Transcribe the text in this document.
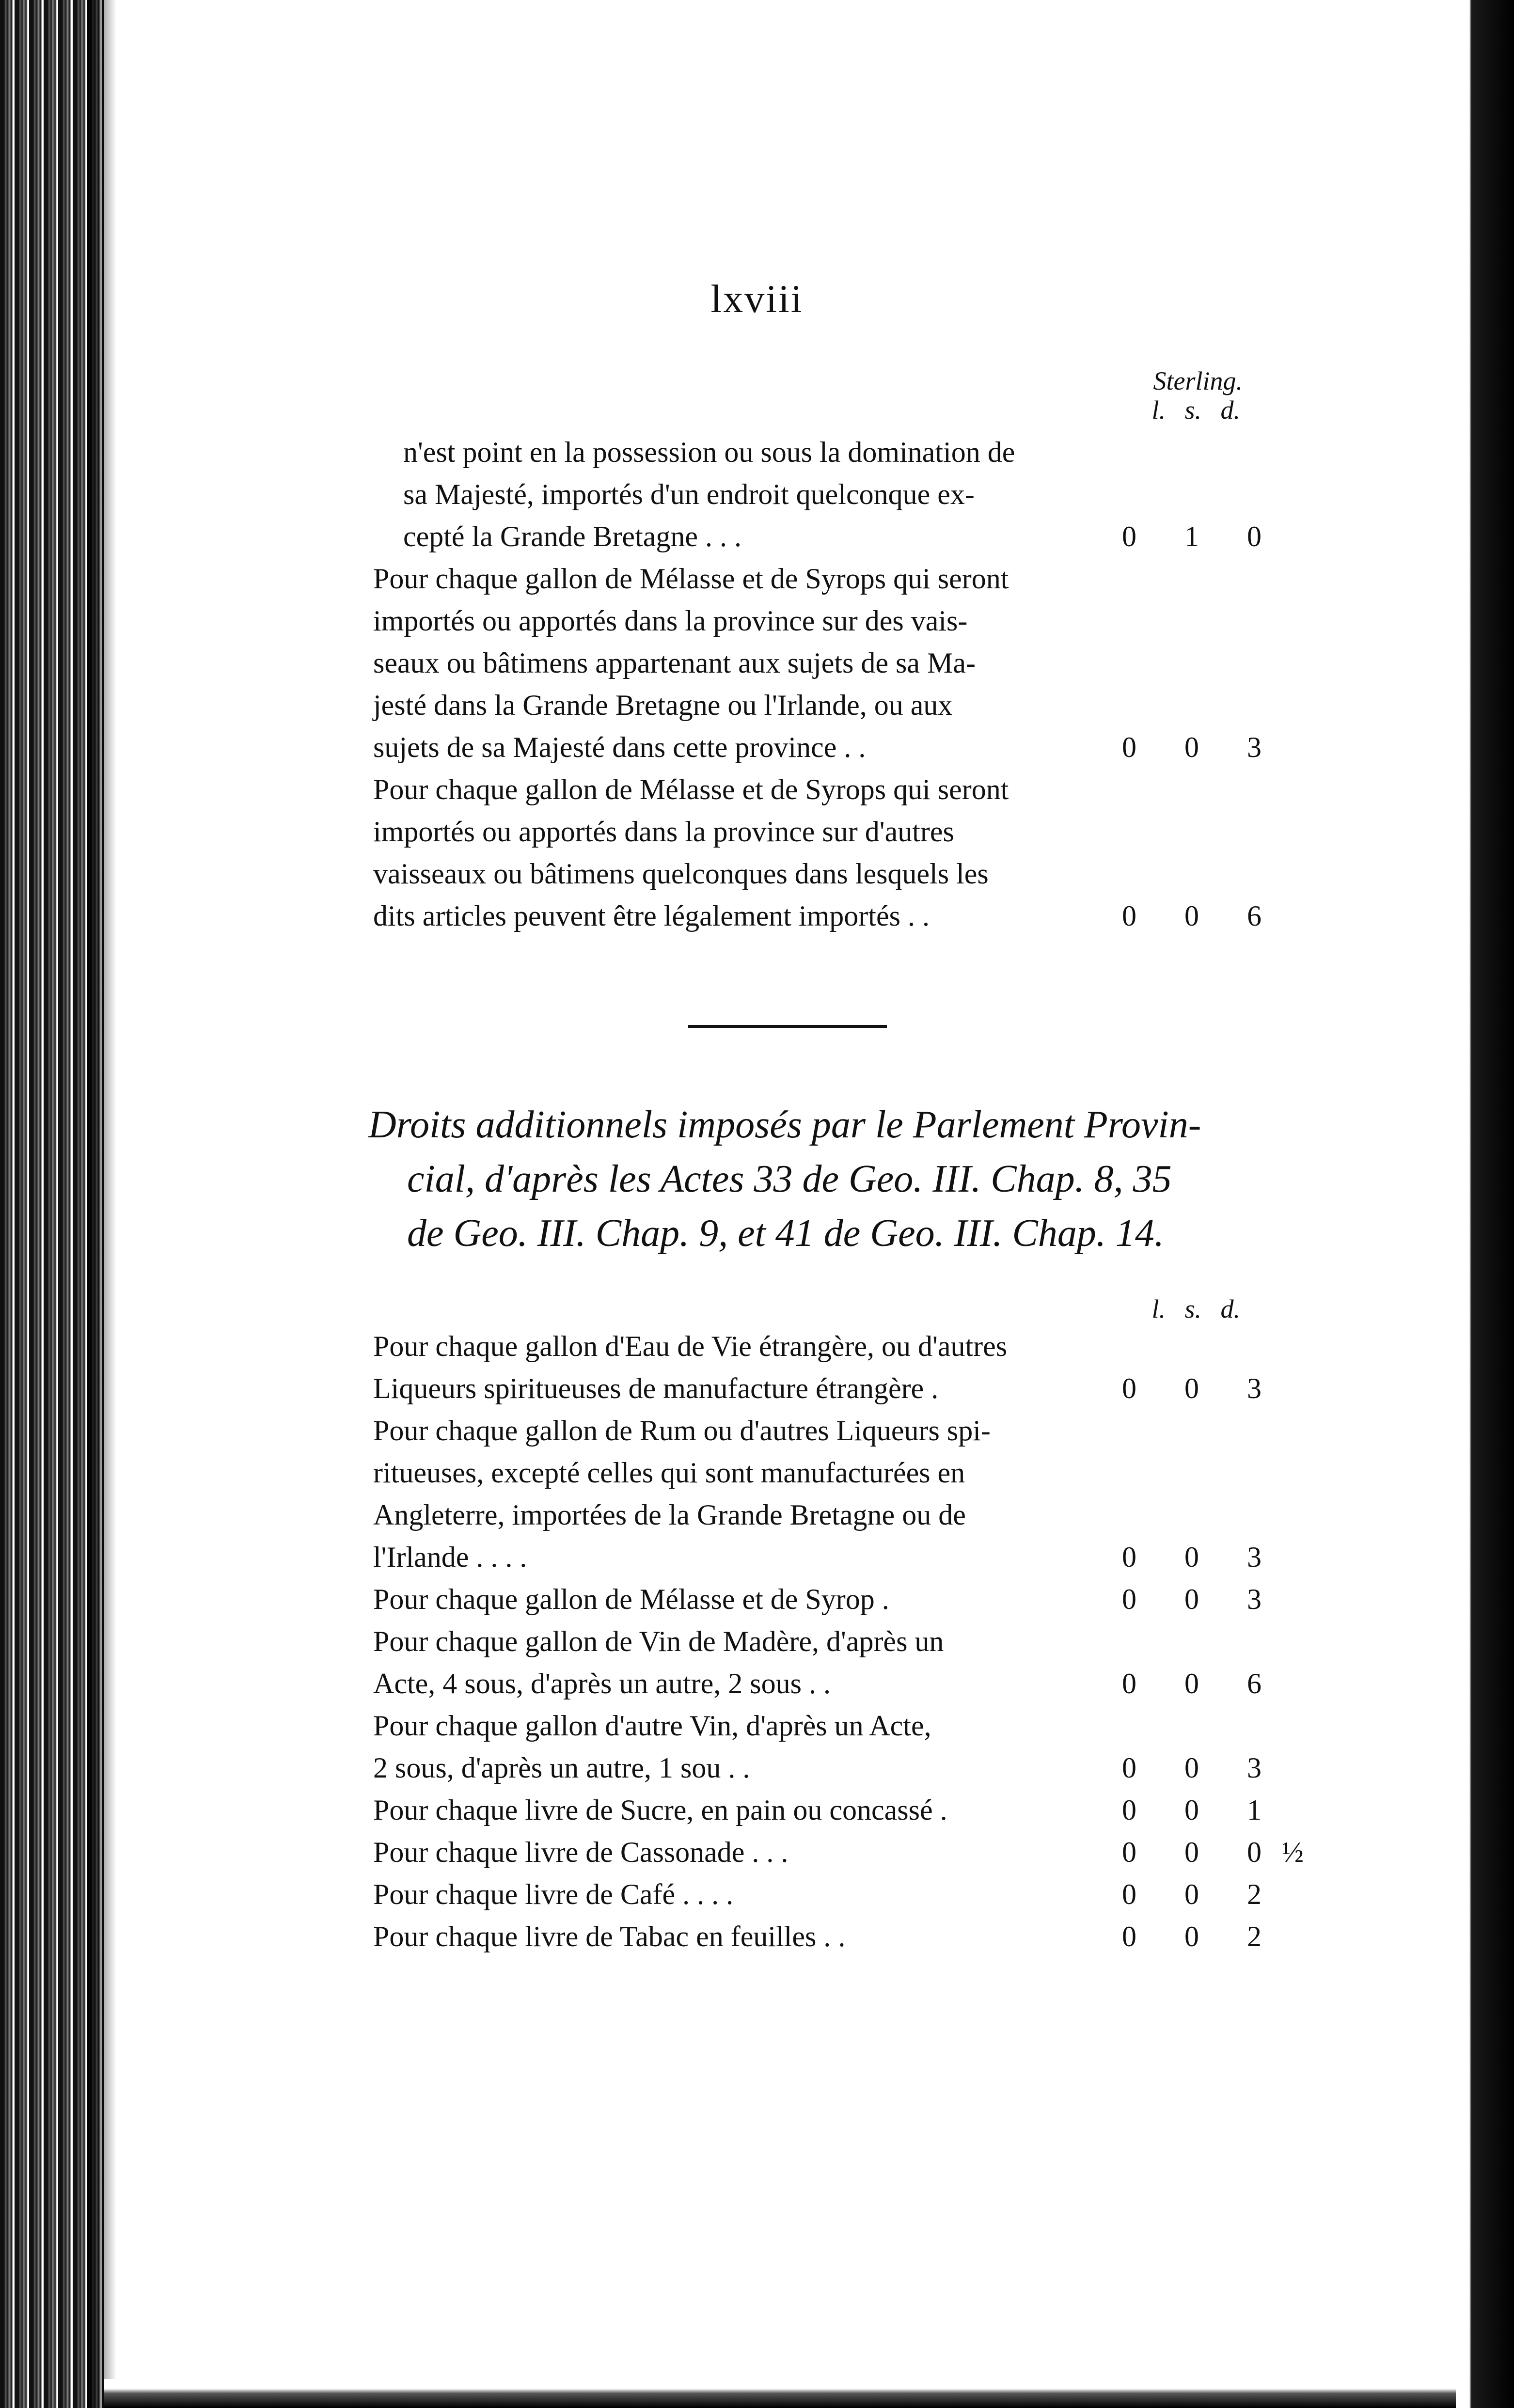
lxviii
Sterling.
l. s. d.
n'est point en la possession ou sous la domination de
sa Majesté, importés d'un endroit quelconque ex-
cepté la Grande Bretagne . . .
Pour chaque gallon de Mélasse et de Syrops qui seront
importés ou apportés dans la province sur des vais-
seaux ou bâtimens appartenant aux sujets de sa Ma-
jesté dans la Grande Bretagne ou l'Irlande, ou aux
sujets de sa Majesté dans cette province . .
Pour chaque gallon de Mélasse et de Syrops qui seront
importés ou apportés dans la province sur d'autres
vaisseaux ou bâtimens quelconques dans lesquels les
dits articles peuvent être légalement importés . .
0 1 0
0 0 3
0 0 6
Droits additionnels imposés par le Parlement Provin-
cial, d'après les Actes 33 de Geo. III. Chap. 8, 35
de Geo. III. Chap. 9, et 41 de Geo. III. Chap. 14.
l. s. d.
Pour chaque gallon d'Eau de Vie étrangère, ou d'autres
Liqueurs spiritueuses de manufacture étrangère .
Pour chaque gallon de Rum ou d'autres Liqueurs spi-
ritueuses, excepté celles qui sont manufacturées en
Angleterre, importées de la Grande Bretagne ou de
l'Irlande . . . .
Pour chaque gallon de Mélasse et de Syrop .
Pour chaque gallon de Vin de Madère, d'après un
Acte, 4 sous, d'après un autre, 2 sous . .
Pour chaque gallon d'autre Vin, d'après un Acte,
2 sous, d'après un autre, 1 sou . .
Pour chaque livre de Sucre, en pain ou concassé .
Pour chaque livre de Cassonade . . .
Pour chaque livre de Café . . . .
Pour chaque livre de Tabac en feuilles . .
0 0 3
0 0 3
0 0 3
0 0 6
0 0 3
0 0 1
0 0 0½
0 0 2
0 0 2
